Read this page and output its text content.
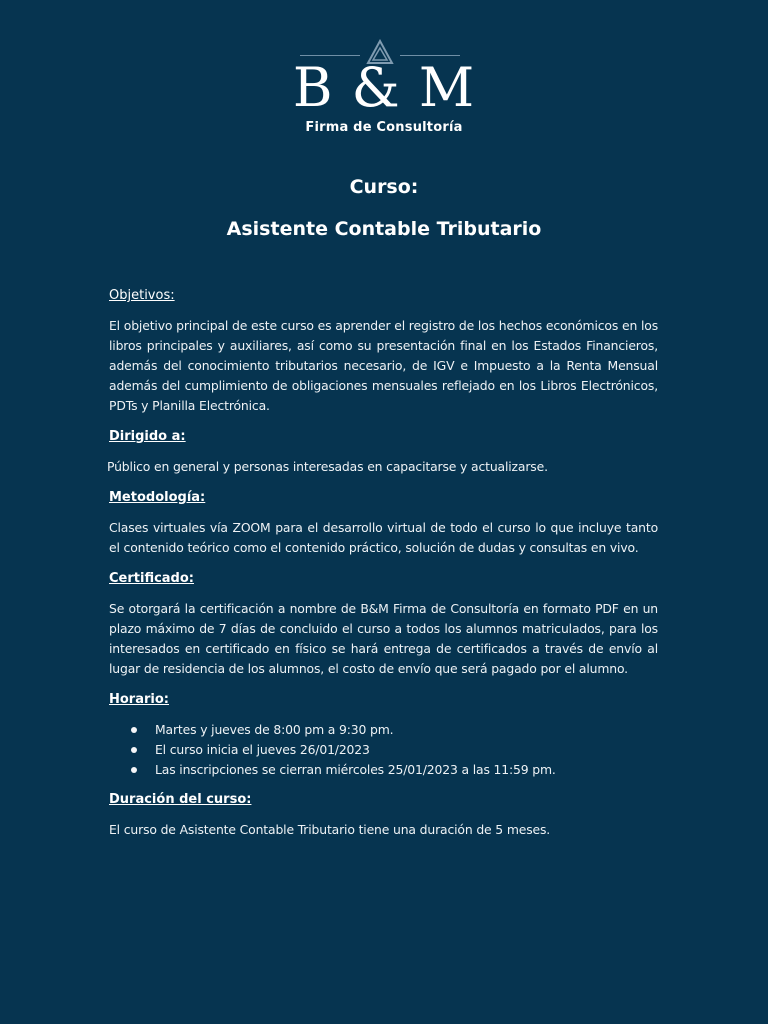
B & M
Firma de Consultoría
Curso:
Asistente Contable Tributario
Objetivos:

El objetivo principal de este curso es aprender el registro de los hechos económicos en los libros principales y auxiliares, así como su presentación final en los Estados Financieros, además del conocimiento tributarios necesario, de IGV e Impuesto a la Renta Mensual además del cumplimiento de obligaciones mensuales reflejado en los Libros Electrónicos, PDTs y Planilla Electrónica.

Dirigido a:

Público en general y personas interesadas en capacitarse y actualizarse.

Metodología:

Clases virtuales vía ZOOM para el desarrollo virtual de todo el curso lo que incluye tanto el contenido teórico como el contenido práctico, solución de dudas y consultas en vivo.

Certificado:

Se otorgará la certificación a nombre de B&M Firma de Consultoría en formato PDF en un plazo máximo de 7 días de concluido el curso a todos los alumnos matriculados, para los interesados en certificado en físico se hará entrega de certificados a través de envío al lugar de residencia de los alumnos, el costo de envío que será pagado por el alumno.

Horario:
Martes y jueves de 8:00 pm a 9:30 pm.
El curso inicia el jueves 26/01/2023
Las inscripciones se cierran miércoles 25/01/2023 a las 11:59 pm.
Duración del curso:

El curso de Asistente Contable Tributario tiene una duración de 5 meses.
